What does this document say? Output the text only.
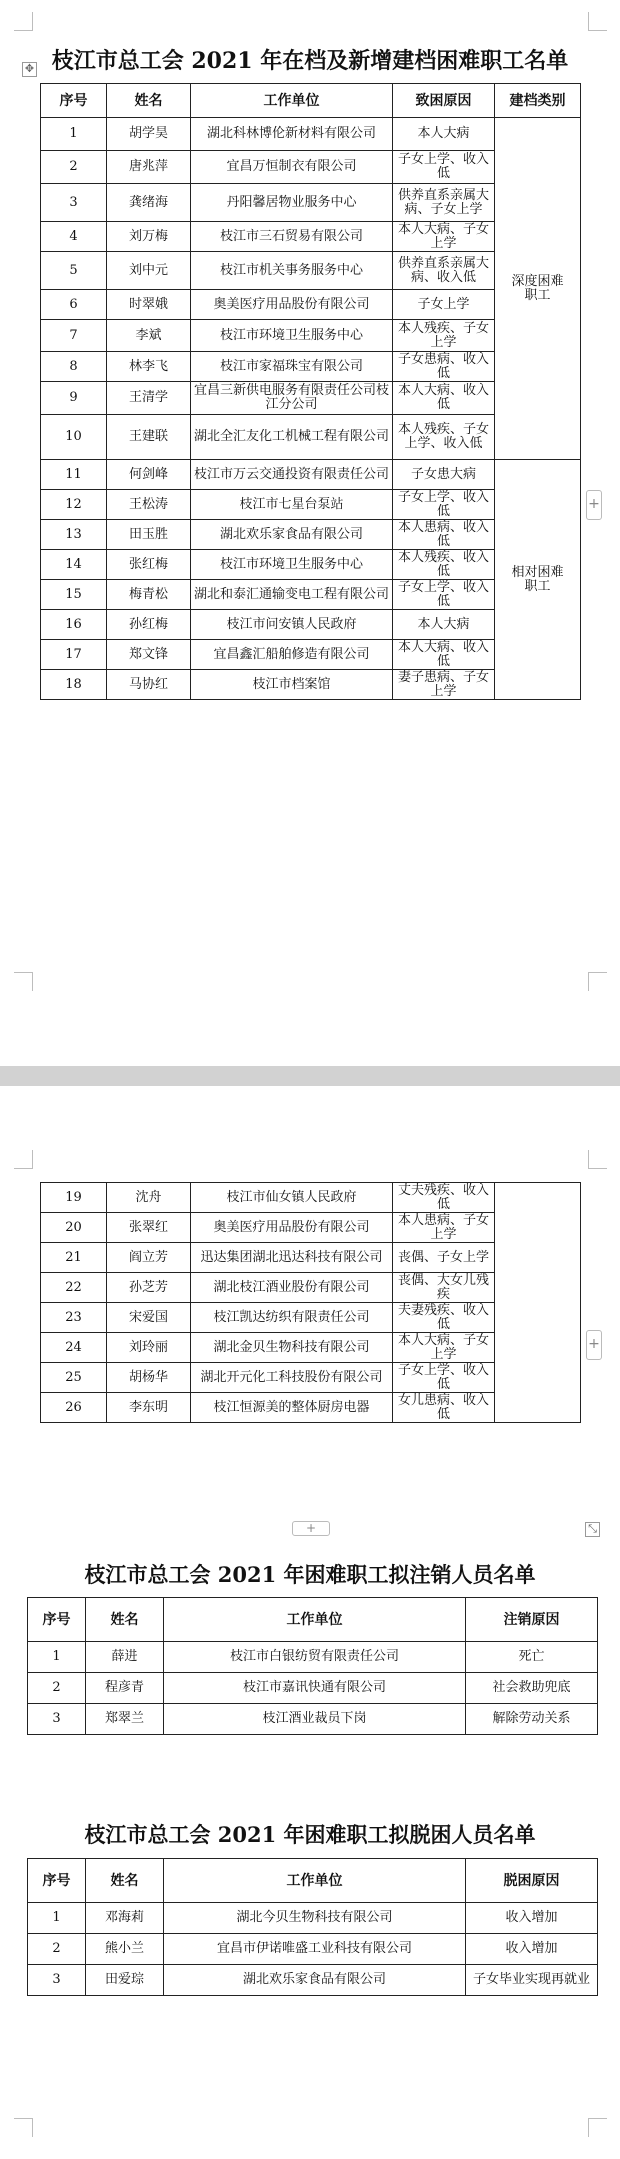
✥ 枝江市总工会 2021 年在档及新增建档困难职工名单
序号	姓名	工作单位	致困原因	建档类别
1	胡学昊	湖北科林博伦新材料有限公司	本人大病	深度困难职工
2	唐兆萍	宜昌万恒制衣有限公司	子女上学、收入低	
3	龚绪海	丹阳馨居物业服务中心	供养直系亲属大病、子女上学	
4	刘万梅	枝江市三石贸易有限公司	本人大病、子女上学	
5	刘中元	枝江市机关事务服务中心	供养直系亲属大病、收入低	
6	时翠娥	奥美医疗用品股份有限公司	子女上学	
7	李斌	枝江市环境卫生服务中心	本人残疾、子女上学	
8	林李飞	枝江市家福珠宝有限公司	子女患病、收入低	
9	王清学	宜昌三新供电服务有限责任公司枝江分公司	本人大病、收入低	
10	王建联	湖北全汇友化工机械工程有限公司	本人残疾、子女上学、收入低	
11	何剑峰	枝江市万云交通投资有限责任公司	子女患大病	相对困难职工
12	王松涛	枝江市七星台泵站	子女上学、收入低	
13	田玉胜	湖北欢乐家食品有限公司	本人患病、收入低	
14	张红梅	枝江市环境卫生服务中心	本人残疾、收入低	
15	梅青松	湖北和泰汇通输变电工程有限公司	子女上学、收入低	
16	孙红梅	枝江市问安镇人民政府	本人大病	
17	郑文锋	宜昌鑫汇船舶修造有限公司	本人大病、收入低	
18	马协红	枝江市档案馆	妻子患病、子女上学	
+
19	沈舟	枝江市仙女镇人民政府	丈夫残疾、收入低	
20	张翠红	奥美医疗用品股份有限公司	本人患病、子女上学	
21	阎立芳	迅达集团湖北迅达科技有限公司	丧偶、子女上学	
22	孙芝芳	湖北枝江酒业股份有限公司	丧偶、大女儿残疾	
23	宋爱国	枝江凯达纺织有限责任公司	夫妻残疾、收入低	
24	刘玲丽	湖北金贝生物科技有限公司	本人大病、子女上学	
25	胡杨华	湖北开元化工科技股份有限公司	子女上学、收入低	
26	李东明	枝江恒源美的整体厨房电器	女儿患病、收入低	
+
+	⤡
枝江市总工会 2021 年困难职工拟注销人员名单
序号	姓名	工作单位	注销原因
1	薛进	枝江市白银纺贸有限责任公司	死亡
2	程彦青	枝江市嘉讯快通有限公司	社会救助兜底
3	郑翠兰	枝江酒业裁员下岗	解除劳动关系
枝江市总工会 2021 年困难职工拟脱困人员名单
序号	姓名	工作单位	脱困原因
1	邓海莉	湖北今贝生物科技有限公司	收入增加
2	熊小兰	宜昌市伊诺唯盛工业科技有限公司	收入增加
3	田爱琮	湖北欢乐家食品有限公司	子女毕业实现再就业
